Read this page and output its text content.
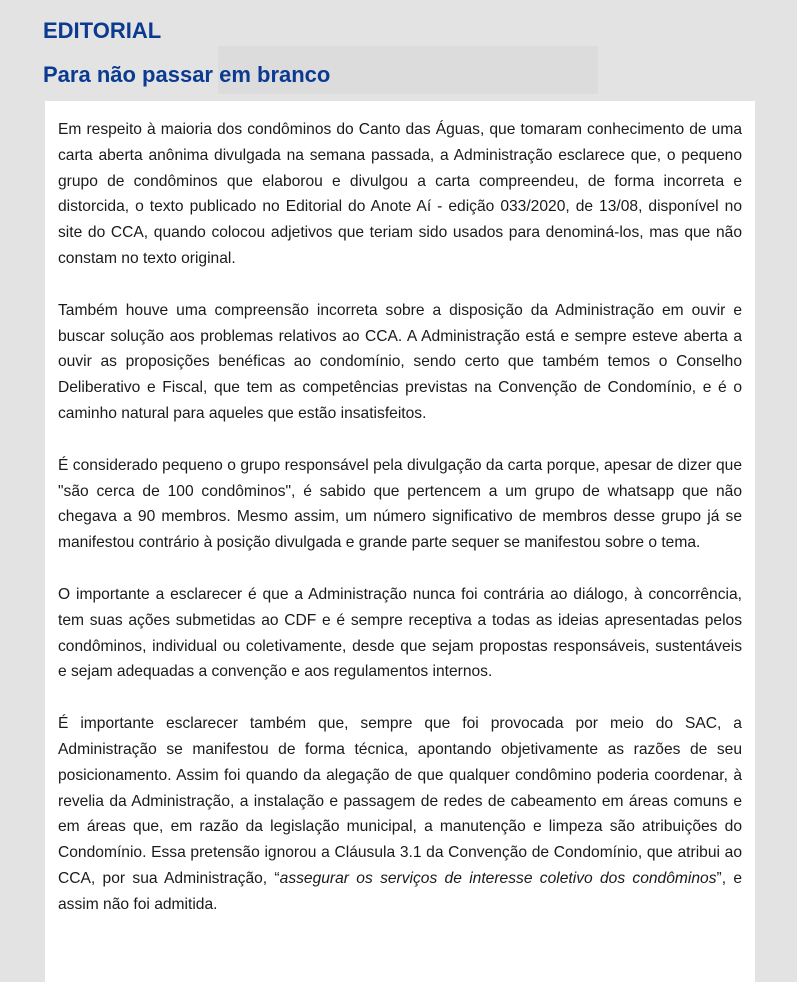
EDITORIAL
Para não passar em branco

Em respeito à maioria dos condôminos do Canto das Águas, que tomaram conhecimento de uma carta aberta anônima divulgada na semana passada, a Administração esclarece que, o pequeno grupo de condôminos que elaborou e divulgou a carta compreendeu, de forma incorreta e distorcida, o texto publicado no Editorial do Anote Aí - edição 033/2020, de 13/08, disponível no site do CCA, quando colocou adjetivos que teriam sido usados para denominá-los, mas que não constam no texto original.

Também houve uma compreensão incorreta sobre a disposição da Administração em ouvir e buscar solução aos problemas relativos ao CCA. A Administração está e sempre esteve aberta a ouvir as proposições benéficas ao condomínio, sendo certo que também temos o Conselho Deliberativo e Fiscal, que tem as competências previstas na Convenção de Condomínio, e é o caminho natural para aqueles que estão insatisfeitos.

É considerado pequeno o grupo responsável pela divulgação da carta porque, apesar de dizer que "são cerca de 100 condôminos", é sabido que pertencem a um grupo de whatsapp que não chegava a 90 membros. Mesmo assim, um número significativo de membros desse grupo já se manifestou contrário à posição divulgada e grande parte sequer se manifestou sobre o tema.

O importante a esclarecer é que a Administração nunca foi contrária ao diálogo, à concorrência, tem suas ações submetidas ao CDF e é sempre receptiva a todas as ideias apresentadas pelos condôminos, individual ou coletivamente, desde que sejam propostas responsáveis, sustentáveis e sejam adequadas a convenção e aos regulamentos internos.

É importante esclarecer também que, sempre que foi provocada por meio do SAC, a Administração se manifestou de forma técnica, apontando objetivamente as razões de seu posicionamento. Assim foi quando da alegação de que qualquer condômino poderia coordenar, à revelia da Administração, a instalação e passagem de redes de cabeamento em áreas comuns e em áreas que, em razão da legislação municipal, a manutenção e limpeza são atribuições do Condomínio. Essa pretensão ignorou a Cláusula 3.1 da Convenção de Condomínio, que atribui ao CCA, por sua Administração, “assegurar os serviços de interesse coletivo dos condôminos”, e assim não foi admitida.
